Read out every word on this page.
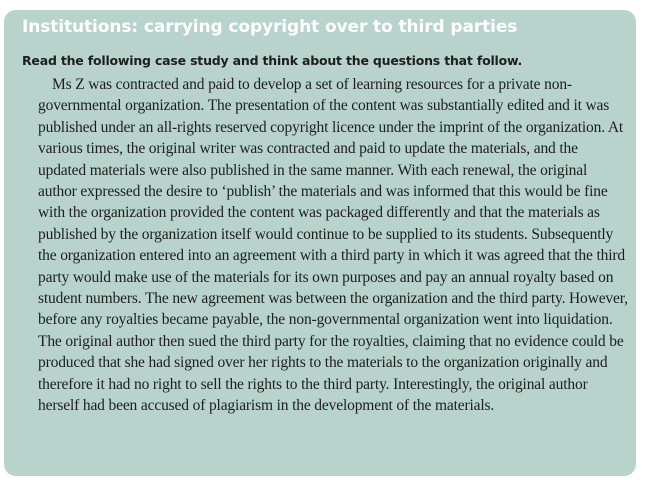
Institutions: carrying copyright over to third parties

Read the following case study and think about the questions that follow.

Ms Z was contracted and paid to develop a set of learning resources for a private non-governmental organization. The presentation of the content was substantially edited and it was published under an all-rights reserved copyright licence under the imprint of the organization. At various times, the original writer was contracted and paid to update the materials, and the updated materials were also published in the same manner. With each renewal, the original author expressed the desire to ‘publish’ the materials and was informed that this would be fine with the organization provided the content was packaged differently and that the materials as published by the organization itself would continue to be supplied to its students. Subsequently the organization entered into an agreement with a third party in which it was agreed that the third party would make use of the materials for its own purposes and pay an annual royalty based on student numbers. The new agreement was between the organization and the third party. However, before any royalties became payable, the non-governmental organization went into liquidation. The original author then sued the third party for the royalties, claiming that no evidence could be produced that she had signed over her rights to the materials to the organization originally and therefore it had no right to sell the rights to the third party. Interestingly, the original author herself had been accused of plagiarism in the development of the materials.
